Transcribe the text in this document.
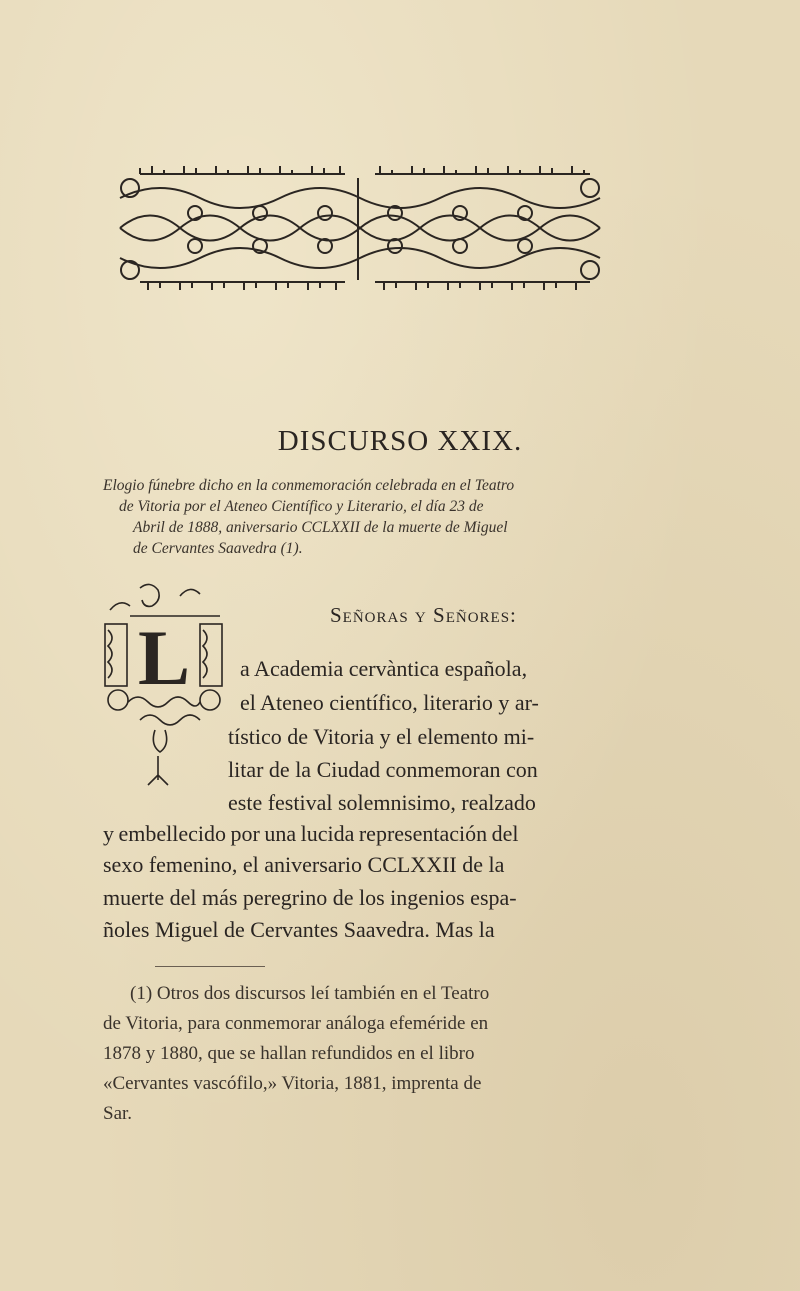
DISCURSO XXIX.
Elogio fúnebre dicho en la conmemoración celebrada en el Teatro
de Vitoria por el Ateneo Científico y Literario, el día 23 de
Abril de 1888, aniversario CCLXXII de la muerte de Miguel
de Cervantes Saavedra (1).
Señoras y Señores:
L a Academia cervàntica española,
el Ateneo científico, literario y ar-
tístico de Vitoria y el elemento mi-
litar de la Ciudad conmemoran con
este festival solemnisimo, realzado
y embellecido por una lucida representación del
sexo femenino, el aniversario CCLXXII de la
muerte del más peregrino de los ingenios espa-
ñoles Miguel de Cervantes Saavedra. Mas la
(1) Otros dos discursos leí también en el Teatro
de Vitoria, para conmemorar análoga efeméride en
1878 y 1880, que se hallan refundidos en el libro
«Cervantes vascófilo,» Vitoria, 1881, imprenta de
Sar.
